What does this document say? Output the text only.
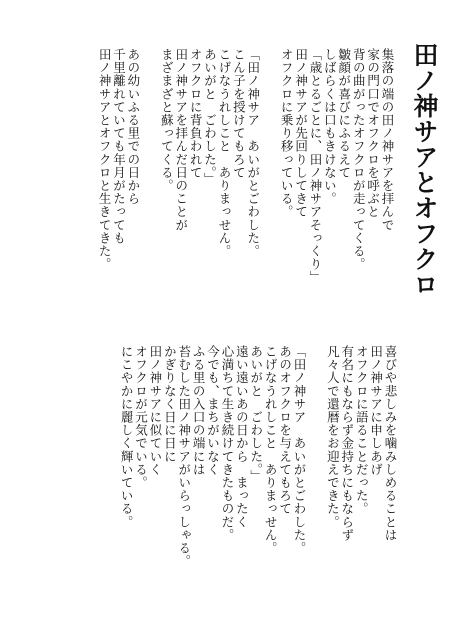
田ノ神サアとオフクロ
集落の端の田ノ神サアを拝んで
家の門口でオフクロを呼ぶと
背の曲がったオフクロが走ってくる。
皺顔が喜びにふるえて
しばらくは口もきけない。
「歳とるごとに、田ノ神サアそっくり」
田ノ神サアが先回りしてきて
オフクロに乗り移っている。
「田ノ神サア　あいがとごわした。
こん子を授けてもろて
こげなうれしこと　ありまっせん。
あいがと　ごわした。」
オフクロに背負われて
田ノ神サアを拝んだ日のことが
まざまざと蘇ってくる。
あの幼いふる里での日から
千里離れていても年月がたっても
田ノ神サアとオフクロと生きてきた。
喜びや悲しみを噛みしめることは
田ノ神サアに申しあげ
オフクロに語ることだった。
有名にもならず金持ちにもならず
凡々人で還暦をお迎えできた。
「田ノ神サア　あいがとごわした。
あのオフクロを与えてもろて
こげなうれしこと　ありまっせん。
あいがと　ごわした。」
遠い遠いあの日から　まったく
心満ちて生き続けてきたものだ。
今でも、まちがいなく
ふる里の入口の端には
苔むした田ノ神サアがいらっしゃる。
かぎりなく日に日に
田ノ神サアに似ていく
オフクロが元気でいる。
にこやかに麗しく輝いている。
